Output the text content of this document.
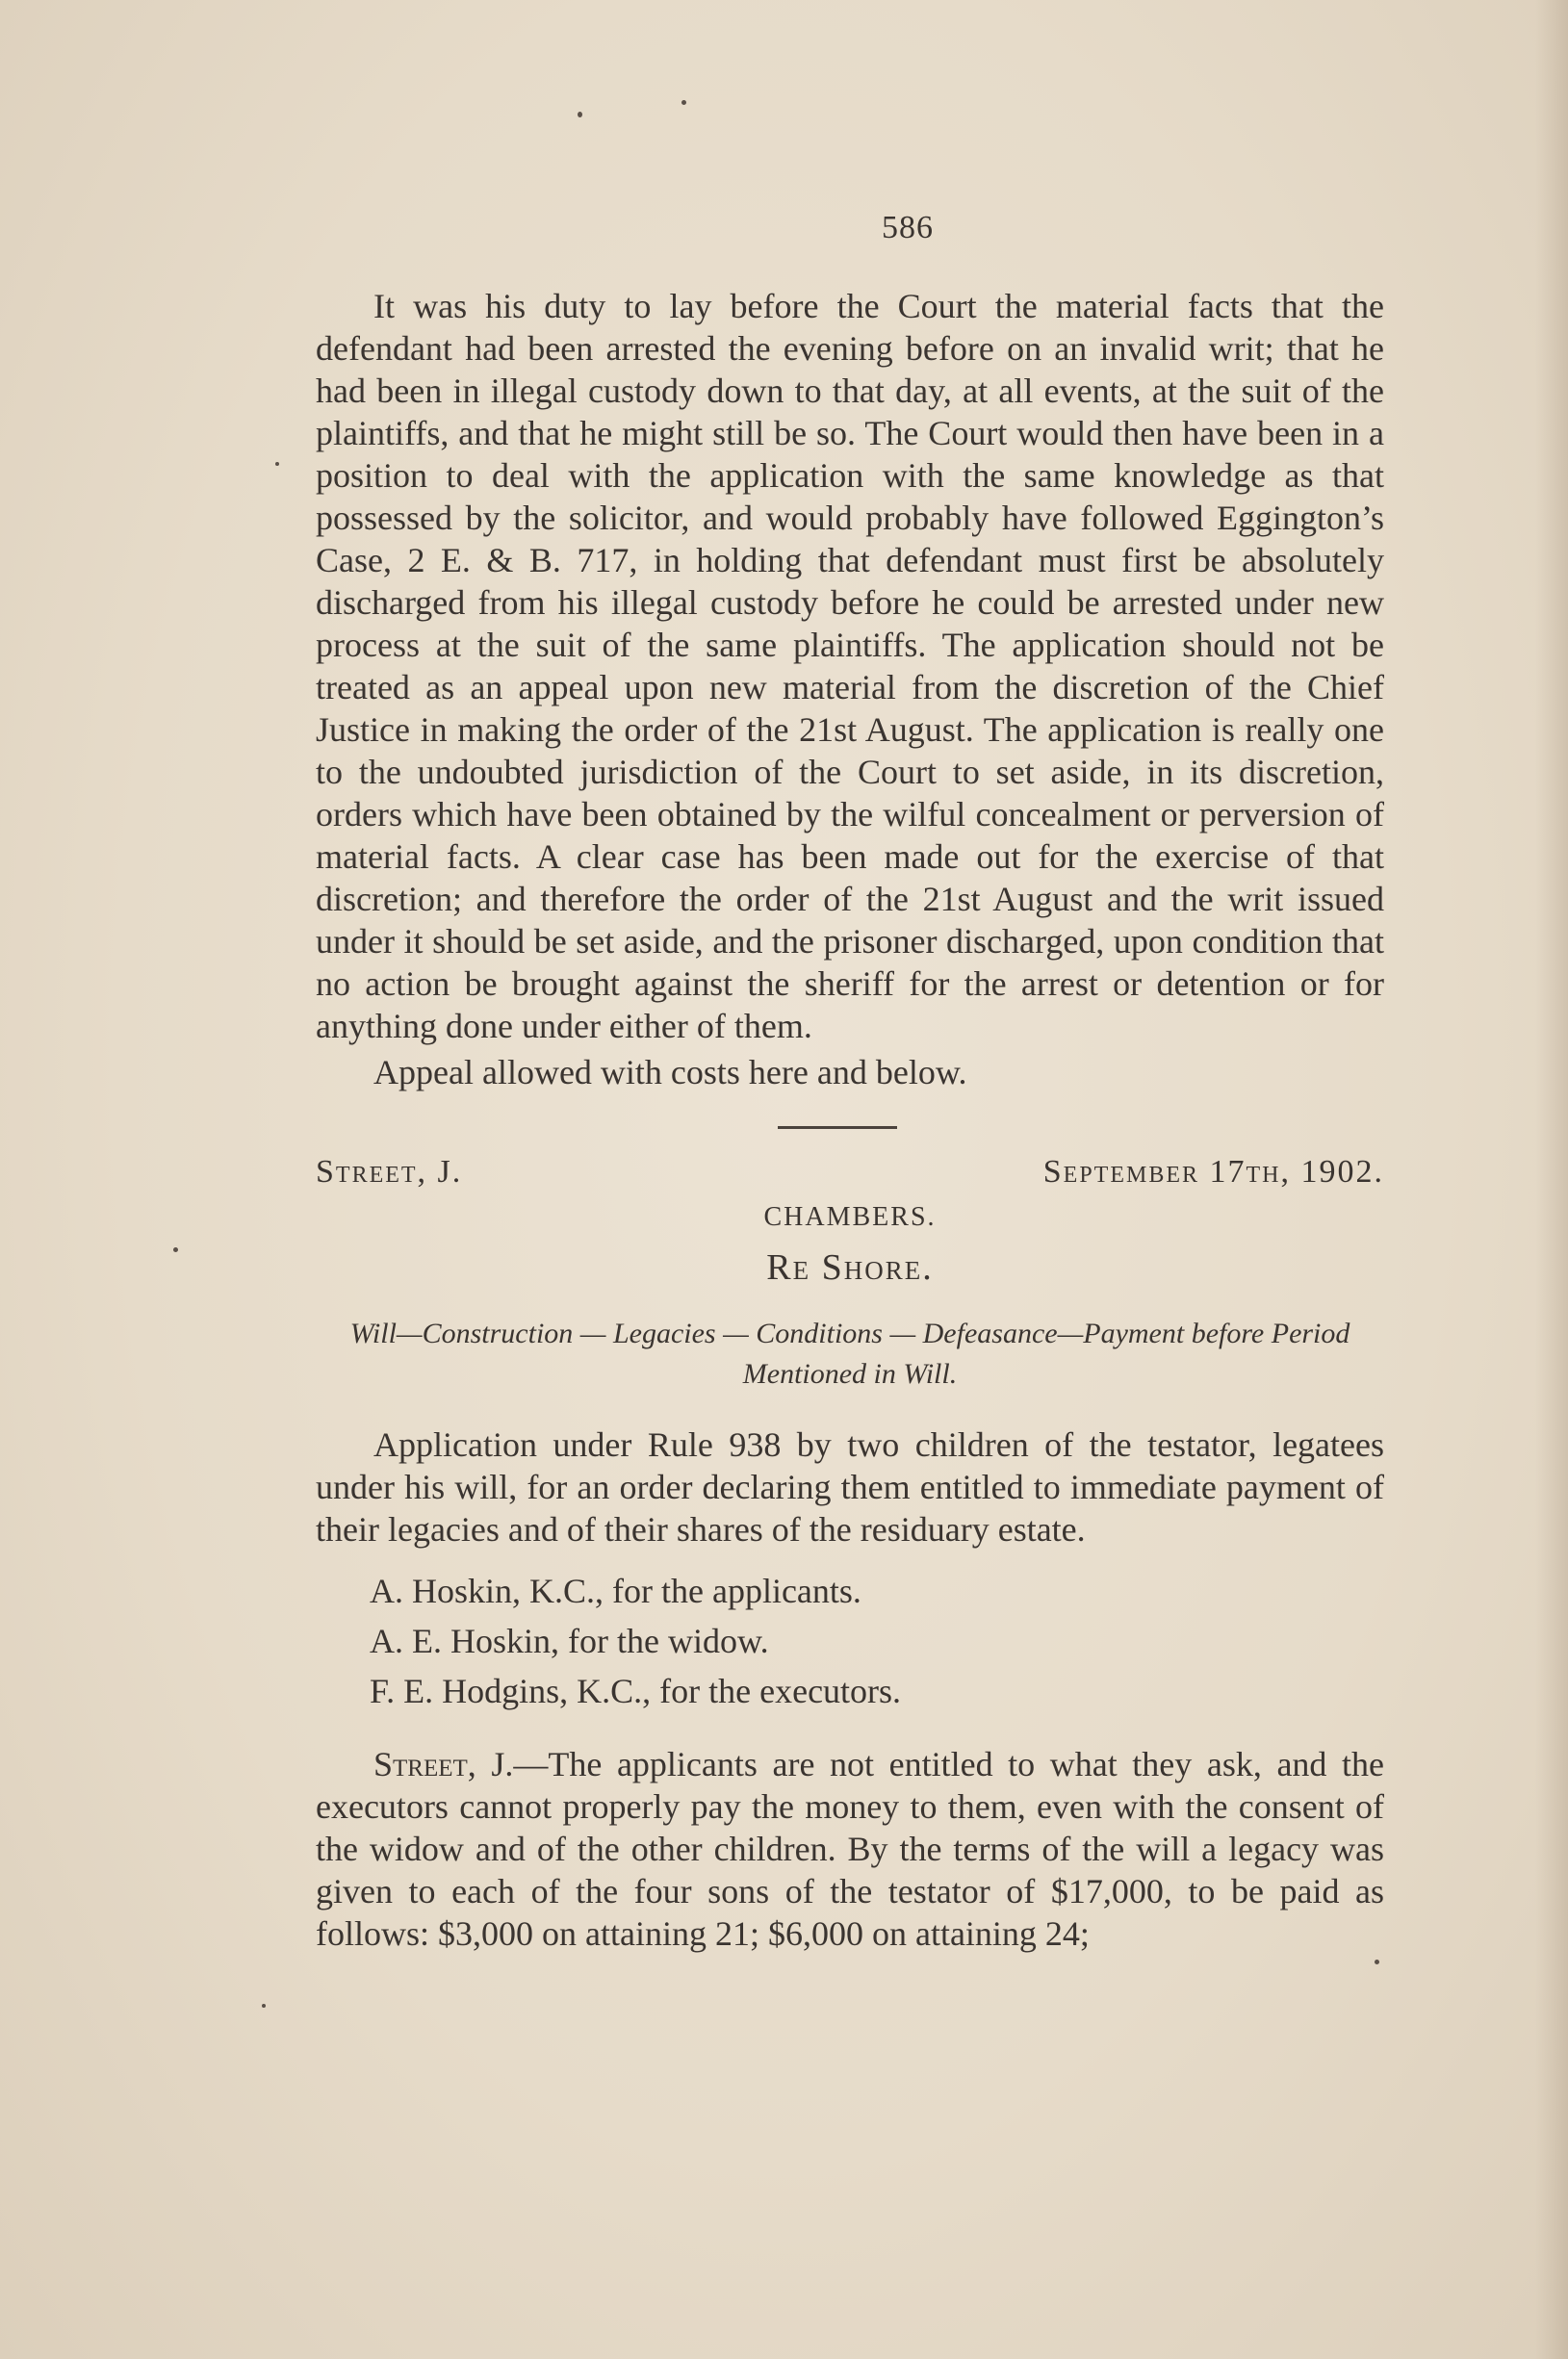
586

It was his duty to lay before the Court the material facts that the defendant had been arrested the evening before on an invalid writ; that he had been in illegal custody down to that day, at all events, at the suit of the plaintiffs, and that he might still be so. The Court would then have been in a position to deal with the application with the same knowledge as that possessed by the solicitor, and would probably have followed Eggington’s Case, 2 E. & B. 717, in holding that defendant must first be absolutely discharged from his illegal custody before he could be arrested under new process at the suit of the same plaintiffs. The application should not be treated as an appeal upon new material from the discretion of the Chief Justice in making the order of the 21st August. The application is really one to the undoubted jurisdiction of the Court to set aside, in its discretion, orders which have been obtained by the wilful concealment or perversion of material facts. A clear case has been made out for the exercise of that discretion; and therefore the order of the 21st August and the writ issued under it should be set aside, and the prisoner discharged, upon condition that no action be brought against the sheriff for the arrest or detention or for anything done under either of them.

Appeal allowed with costs here and below.

Street, J.	September 17th, 1902.
CHAMBERS.
Re Shore.
Will—Construction — Legacies — Conditions — Defeasance—Payment before Period Mentioned in Will.

Application under Rule 938 by two children of the testator, legatees under his will, for an order declaring them entitled to immediate payment of their legacies and of their shares of the residuary estate.

A. Hoskin, K.C., for the applicants.
A. E. Hoskin, for the widow.
F. E. Hodgins, K.C., for the executors.

Street, J.—The applicants are not entitled to what they ask, and the executors cannot properly pay the money to them, even with the consent of the widow and of the other children. By the terms of the will a legacy was given to each of the four sons of the testator of $17,000, to be paid as follows: $3,000 on attaining 21; $6,000 on attaining 24;
